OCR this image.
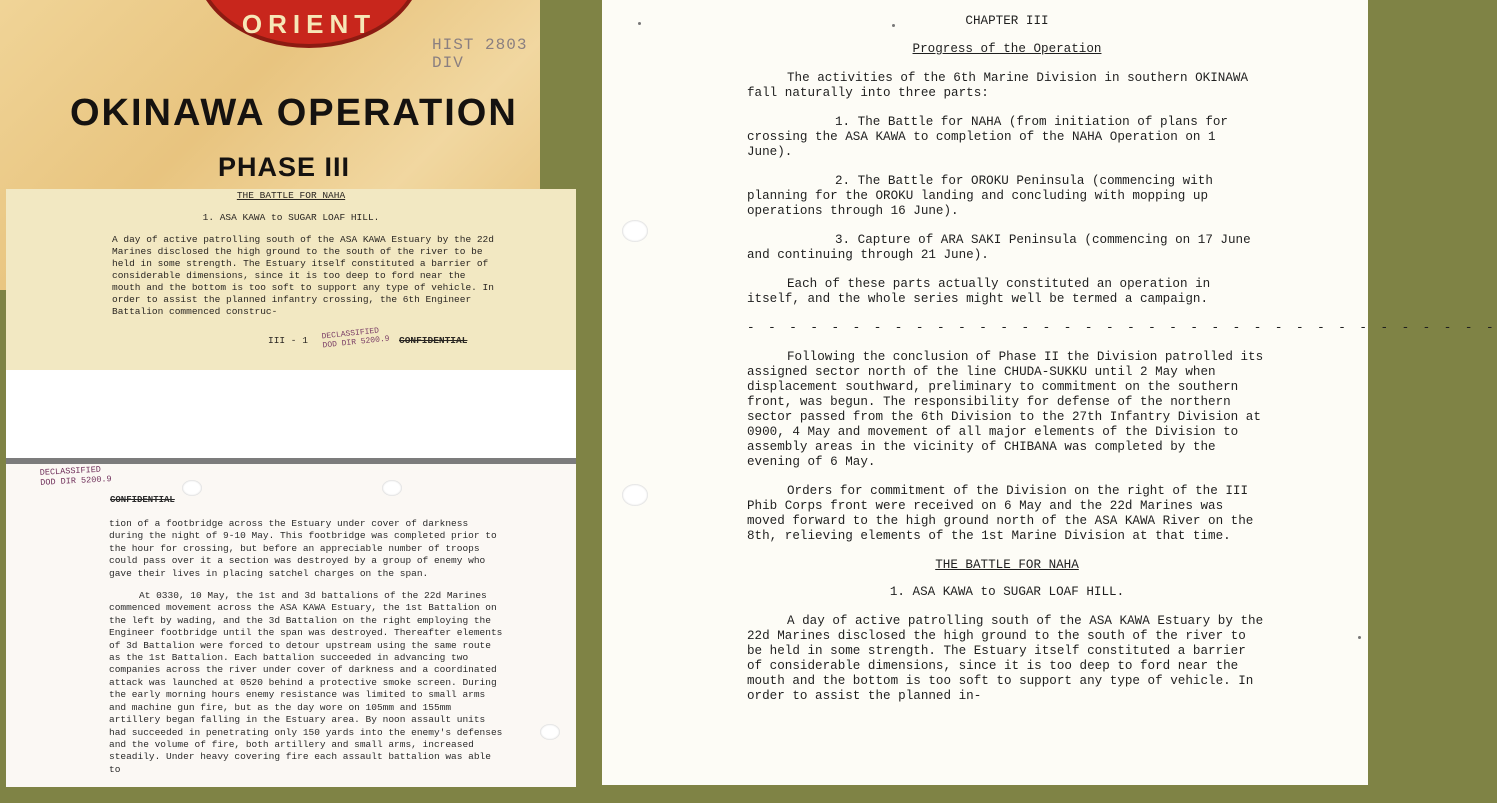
ORIENT
HIST 2803 DIV
OKINAWA OPERATION
PHASE III
THE BATTLE FOR NAHA
1. ASA KAWA to SUGAR LOAF HILL.
A day of active patrolling south of the ASA KAWA Estuary by the 22d Marines disclosed the high ground to the south of the river to be held in some strength. The Estuary itself constituted a barrier of considerable dimensions, since it is too deep to ford near the mouth and the bottom is too soft to support any type of vehicle. In order to assist the planned infantry crossing, the 6th Engineer Battalion commenced construc-
III - 1 DECLASSIFIED
DOD DIR 5200.9 CONFIDENTIAL
DECLASSIFIED
DOD DIR 5200.9
CONFIDENTIAL

tion of a footbridge across the Estuary under cover of darkness during the night of 9-10 May. This footbridge was completed prior to the hour for crossing, but before an appreciable number of troops could pass over it a section was destroyed by a group of enemy who gave their lives in placing satchel charges on the span.

At 0330, 10 May, the 1st and 3d battalions of the 22d Marines commenced movement across the ASA KAWA Estuary, the 1st Battalion on the left by wading, and the 3d Battalion on the right employing the Engineer footbridge until the span was destroyed. Thereafter elements of 3d Battalion were forced to detour upstream using the same route as the 1st Battalion. Each battalion succeeded in advancing two companies across the river under cover of darkness and a coordinated attack was launched at 0520 behind a protective smoke screen. During the early morning hours enemy resistance was limited to small arms and machine gun fire, but as the day wore on 105mm and 155mm artillery began falling in the Estuary area. By noon assault units had succeeded in penetrating only 150 yards into the enemy's defenses and the volume of fire, both artillery and small arms, increased steadily. Under heavy covering fire each assault battalion was able to

CHAPTER III

Progress of the Operation

The activities of the 6th Marine Division in southern OKINAWA fall naturally into three parts:

1. The Battle for NAHA (from initiation of plans for crossing the ASA KAWA to completion of the NAHA Operation on 1 June).

2. The Battle for OROKU Peninsula (commencing with planning for the OROKU landing and concluding with mopping up operations through 16 June).

3. Capture of ARA SAKI Peninsula (commencing on 17 June and continuing through 21 June).

Each of these parts actually constituted an operation in itself, and the whole series might well be termed a campaign.

- - - - - - - - - - - - - - - - - - - - - - - - - - - - - - - - - - - -

Following the conclusion of Phase II the Division patrolled its assigned sector north of the line CHUDA-SUKKU until 2 May when displacement southward, preliminary to commitment on the southern front, was begun. The responsibility for defense of the northern sector passed from the 6th Division to the 27th Infantry Division at 0900, 4 May and movement of all major elements of the Division to assembly areas in the vicinity of CHIBANA was completed by the evening of 6 May.

Orders for commitment of the Division on the right of the III Phib Corps front were received on 6 May and the 22d Marines was moved forward to the high ground north of the ASA KAWA River on the 8th, relieving elements of the 1st Marine Division at that time.

THE BATTLE FOR NAHA

1. ASA KAWA to SUGAR LOAF HILL.

A day of active patrolling south of the ASA KAWA Estuary by the 22d Marines disclosed the high ground to the south of the river to be held in some strength. The Estuary itself constituted a barrier of considerable dimensions, since it is too deep to ford near the mouth and the bottom is too soft to support any type of vehicle. In order to assist the planned in-
